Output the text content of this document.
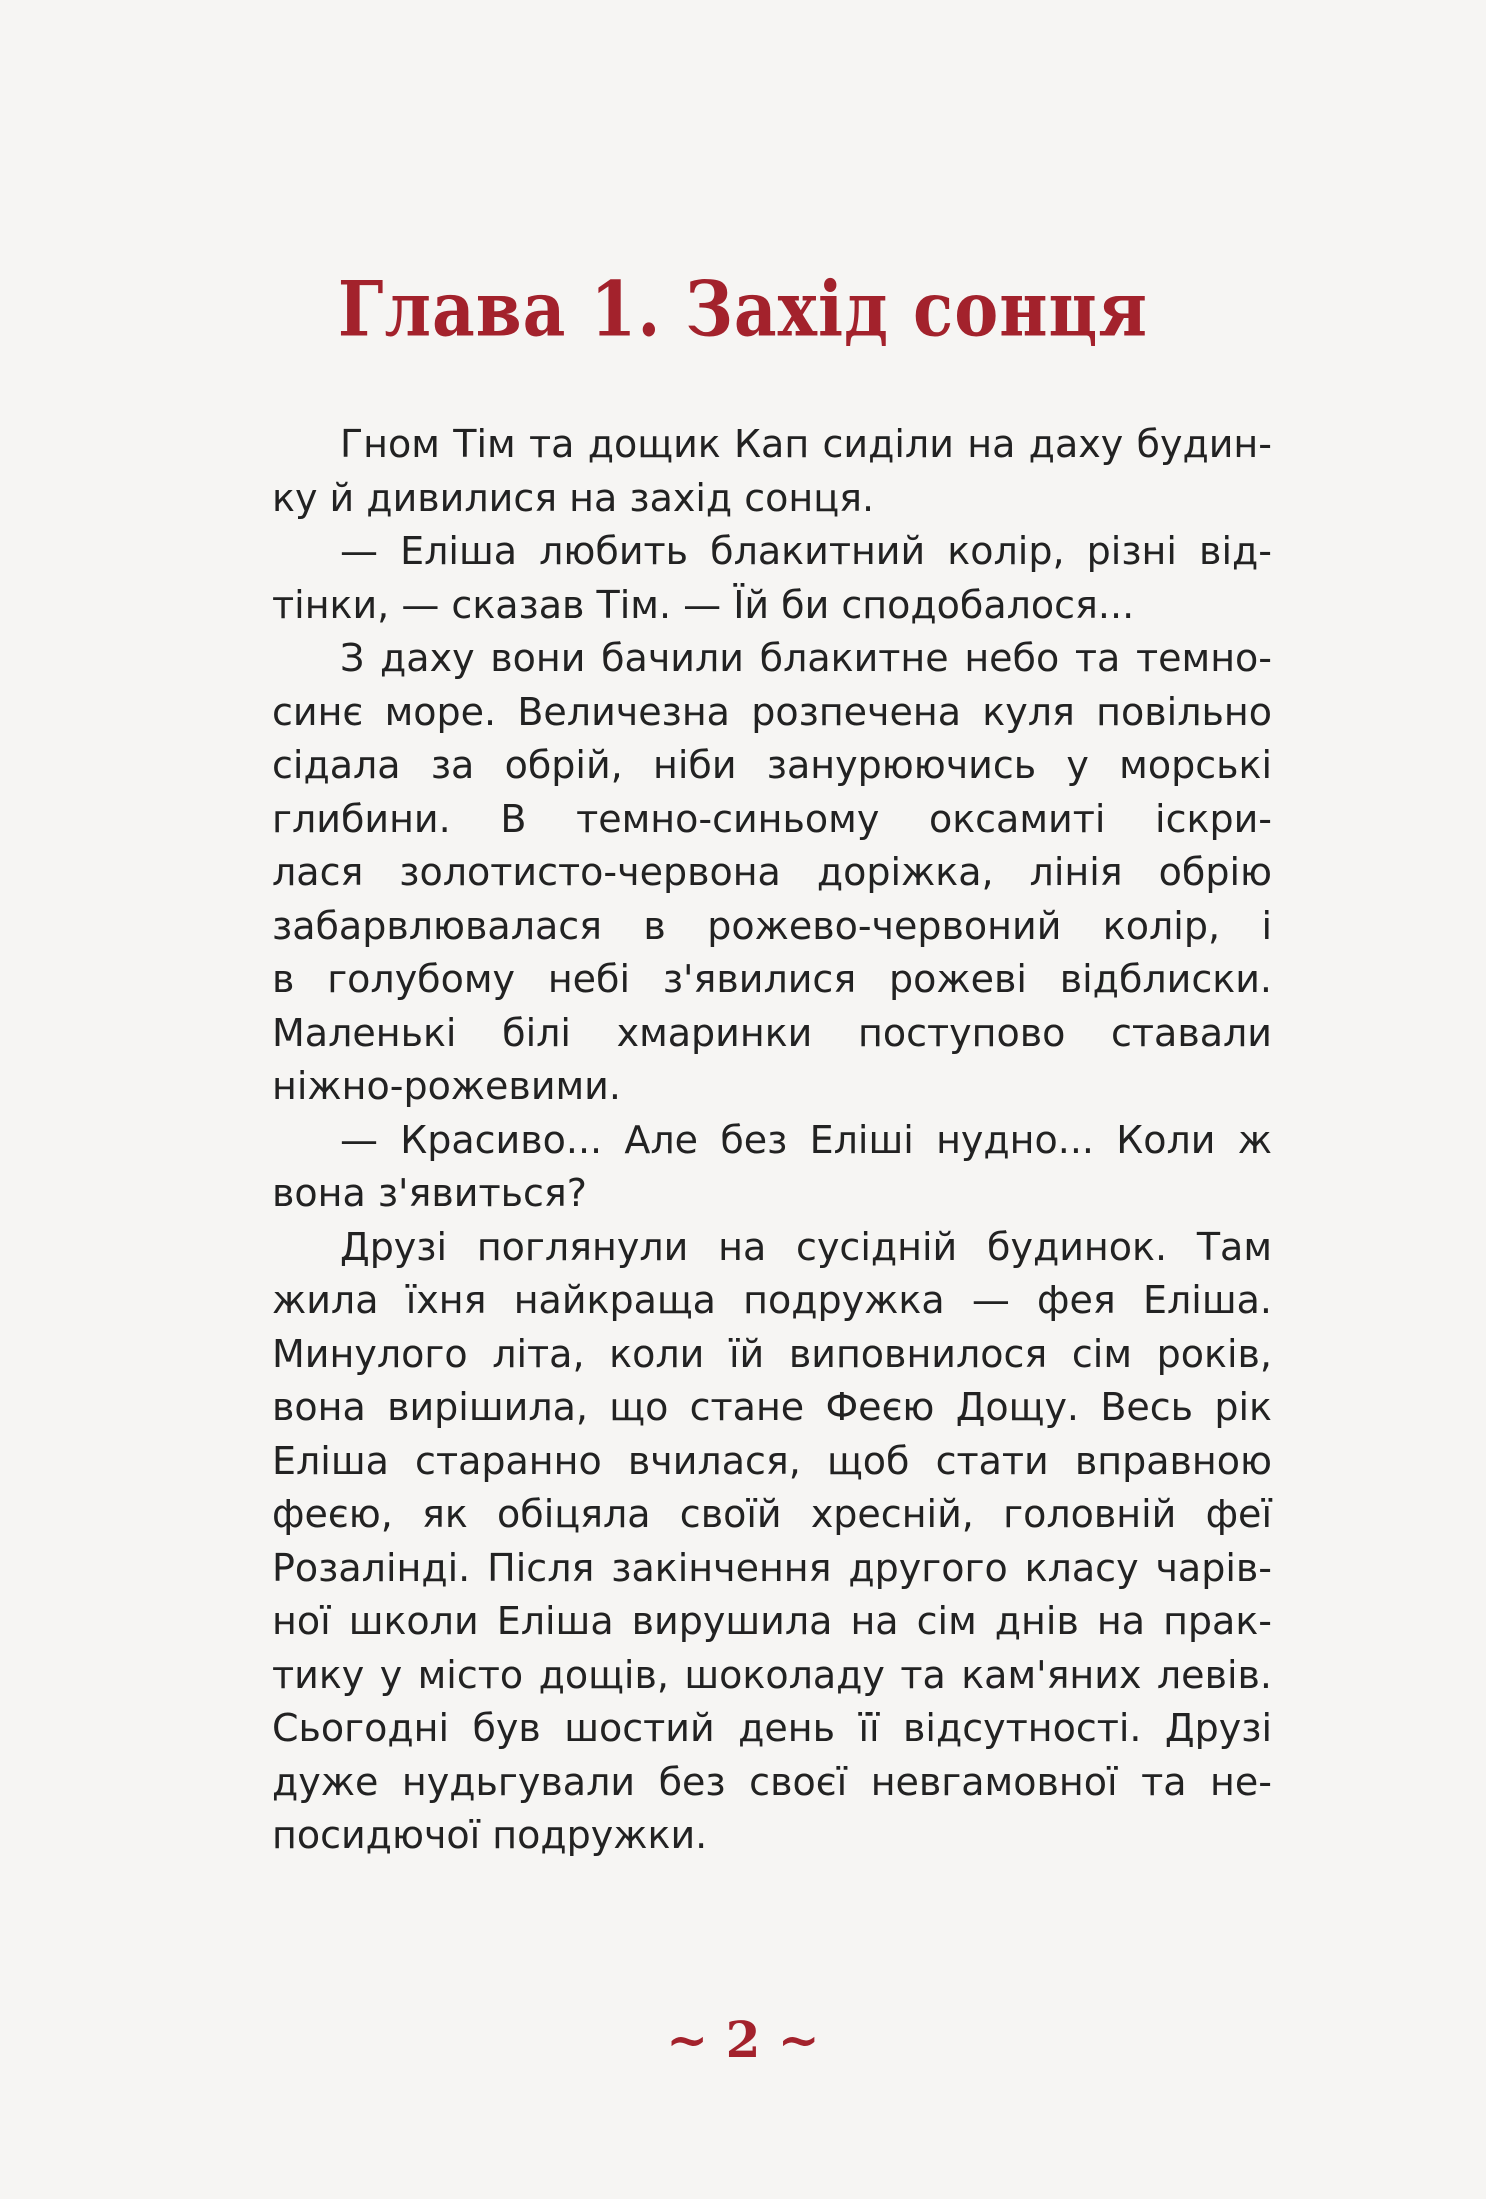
Глава 1. Захід сонця
Гном Тім та дощик Кап сиділи на даху будин-
ку й дивилися на захід сонця.
— Еліша любить блакитний колір, різні від-
тінки, — сказав Тім. — Їй би сподобалося...
З даху вони бачили блакитне небо та темно-
синє море. Величезна розпечена куля повільно
сідала за обрій, ніби занурюючись у морські
глибини. В темно-синьому оксамиті іскри-
лася золотисто-червона доріжка, лінія обрію
забарвлювалася в рожево-червоний колір, і
в голубому небі з'явилися рожеві відблиски.
Маленькі білі хмаринки поступово ставали
ніжно-рожевими.
— Красиво... Але без Еліші нудно... Коли ж
вона з'явиться?
Друзі поглянули на сусідній будинок. Там
жила їхня найкраща подружка — фея Еліша.
Минулого літа, коли їй виповнилося сім років,
вона вирішила, що стане Феєю Дощу. Весь рік
Еліша старанно вчилася, щоб стати вправною
феєю, як обіцяла своїй хресній, головній феї
Розалінді. Після закінчення другого класу чарів-
ної школи Еліша вирушила на сім днів на прак-
тику у місто дощів, шоколаду та кам'яних левів.
Сьогодні був шостий день її відсутності. Друзі
дуже нудьгували без своєї невгамовної та не-
посидючої подружки.
~ 2 ~
